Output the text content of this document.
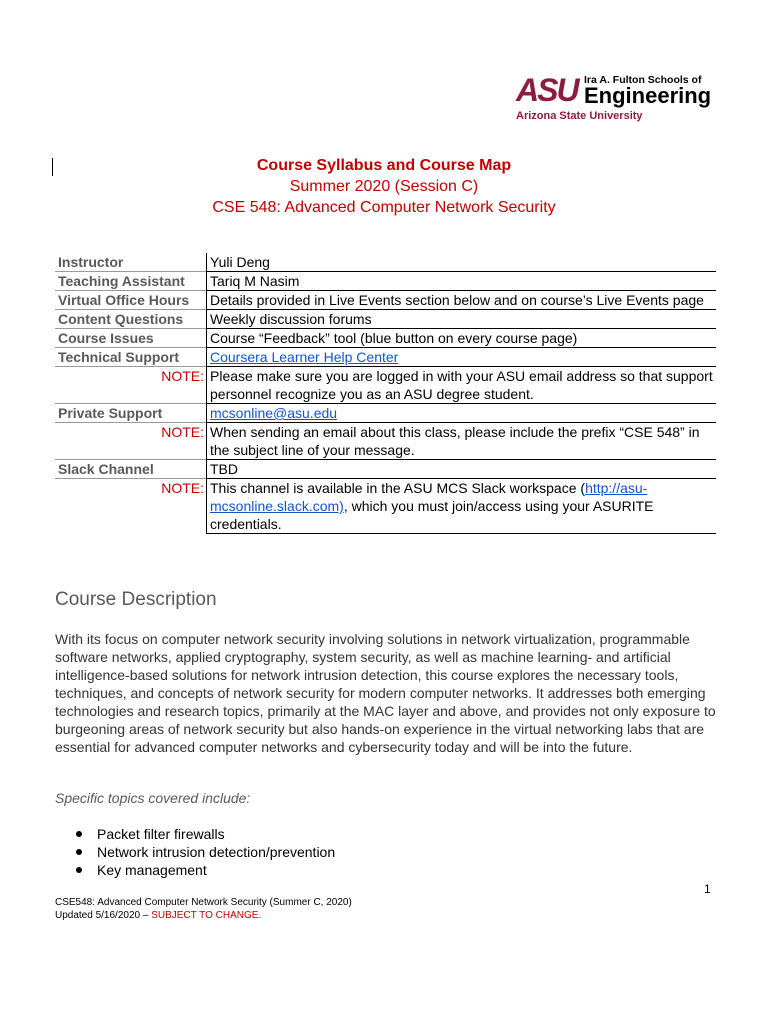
ASU Ira A. Fulton Schools of
Engineering
Arizona State University
Course Syllabus and Course Map
Summer 2020 (Session C)
CSE 548: Advanced Computer Network Security
Instructor	Yuli Deng
Teaching Assistant	Tariq M Nasim
Virtual Office Hours	Details provided in Live Events section below and on course’s Live Events page
Content Questions	Weekly discussion forums
Course Issues	Course “Feedback” tool (blue button on every course page)
Technical Support	Coursera Learner Help Center
NOTE:	Please make sure you are logged in with your ASU email address so that support personnel recognize you as an ASU degree student.
Private Support	mcsonline@asu.edu
NOTE:	When sending an email about this class, please include the prefix “CSE 548” in the subject line of your message.
Slack Channel	TBD
NOTE:	This channel is available in the ASU MCS Slack workspace (http://asu-mcsonline.slack.com), which you must join/access using your ASURITE credentials.
Course Description

With its focus on computer network security involving solutions in network virtualization, programmable software networks, applied cryptography, system security, as well as machine learning- and artificial intelligence-based solutions for network intrusion detection, this course explores the necessary tools, techniques, and concepts of network security for modern computer networks. It addresses both emerging technologies and research topics, primarily at the MAC layer and above, and provides not only exposure to burgeoning areas of network security but also hands-on experience in the virtual networking labs that are essential for advanced computer networks and cybersecurity today and will be into the future.

Specific topics covered include:

Packet filter firewalls
Network intrusion detection/prevention
Key management
1
CSE548: Advanced Computer Network Security (Summer C, 2020)
Updated 5/16/2020 – SUBJECT TO CHANGE.
